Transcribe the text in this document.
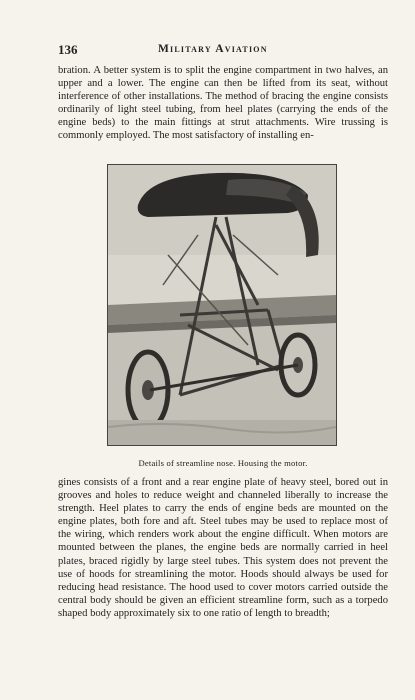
136	Military Aviation
bration. A better system is to split the engine compartment in two halves, an upper and a lower. The engine can then be lifted from its seat, without interference of other installations. The method of bracing the engine consists ordinarily of light steel tubing, from heel plates (carrying the ends of the engine beds) to the main fittings at strut attachments. Wire trussing is commonly employed. The most satisfactory of installing en-
Details of streamline nose. Housing the motor.
gines consists of a front and a rear engine plate of heavy steel, bored out in grooves and holes to reduce weight and channeled liberally to increase the strength. Heel plates to carry the ends of engine beds are mounted on the engine plates, both fore and aft. Steel tubes may be used to replace most of the wiring, which renders work about the engine difficult. When motors are mounted between the planes, the engine beds are normally carried in heel plates, braced rigidly by large steel tubes. This system does not prevent the use of hoods for streamlining the motor. Hoods should always be used for reducing head resistance. The hood used to cover motors carried outside the central body should be given an efficient streamline form, such as a torpedo shaped body approximately six to one ratio of length to breadth;
